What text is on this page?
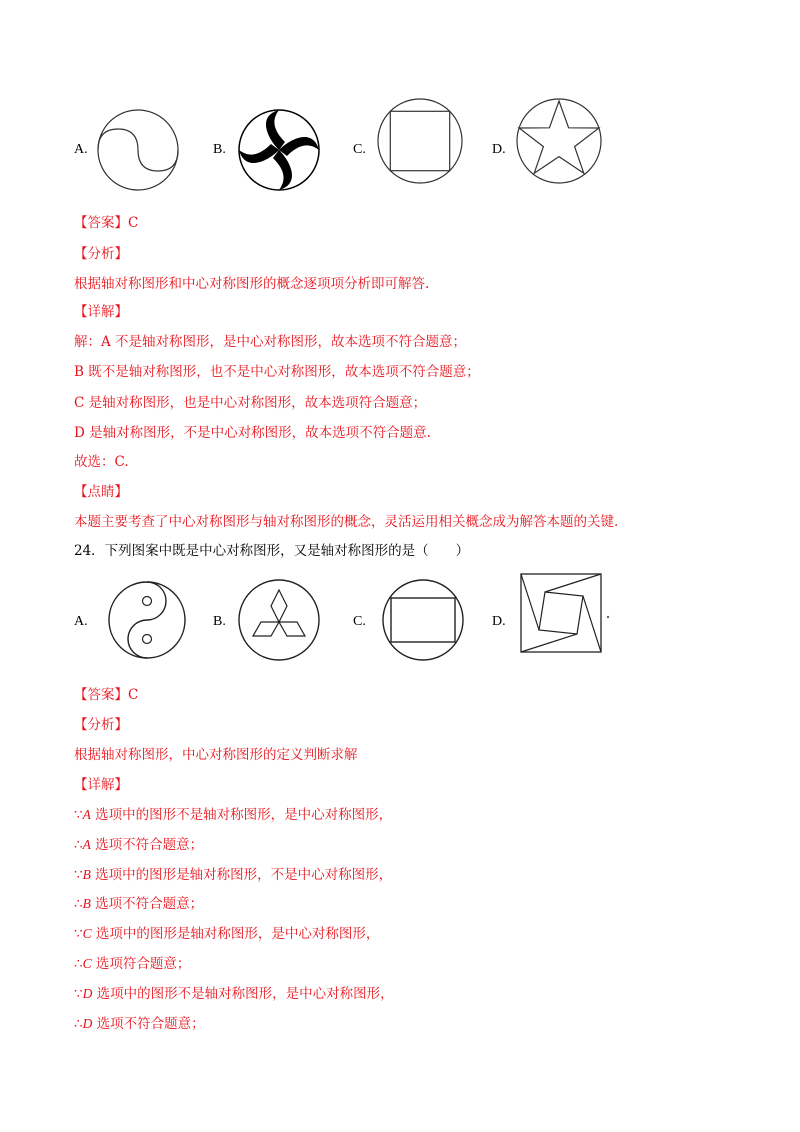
A.	B.	C.	D.
【答案】C
【分析】
根据轴对称图形和中心对称图形的概念逐项项分析即可解答.
【详解】
解：A 不是轴对称图形，是中心对称图形，故本选项不符合题意；
B 既不是轴对称图形，也不是中心对称图形，故本选项不符合题意；
C 是轴对称图形，也是中心对称图形，故本选项符合题意；
D 是轴对称图形，不是中心对称图形，故本选项不符合题意.
故选：C.
【点睛】
本题主要考查了中心对称图形与轴对称图形的概念，灵活运用相关概念成为解答本题的关键.
24．下列图案中既是中心对称图形，又是轴对称图形的是（　　）
A.	B.	C.	D.
【答案】C
【分析】
根据轴对称图形，中心对称图形的定义判断求解
【详解】
∵A 选项中的图形不是轴对称图形，是中心对称图形，
∴A 选项不符合题意；
∵B 选项中的图形是轴对称图形，不是中心对称图形，
∴B 选项不符合题意；
∵C 选项中的图形是轴对称图形，是中心对称图形，
∴C 选项符合题意；
∵D 选项中的图形不是轴对称图形，是中心对称图形，
∴D 选项不符合题意；
